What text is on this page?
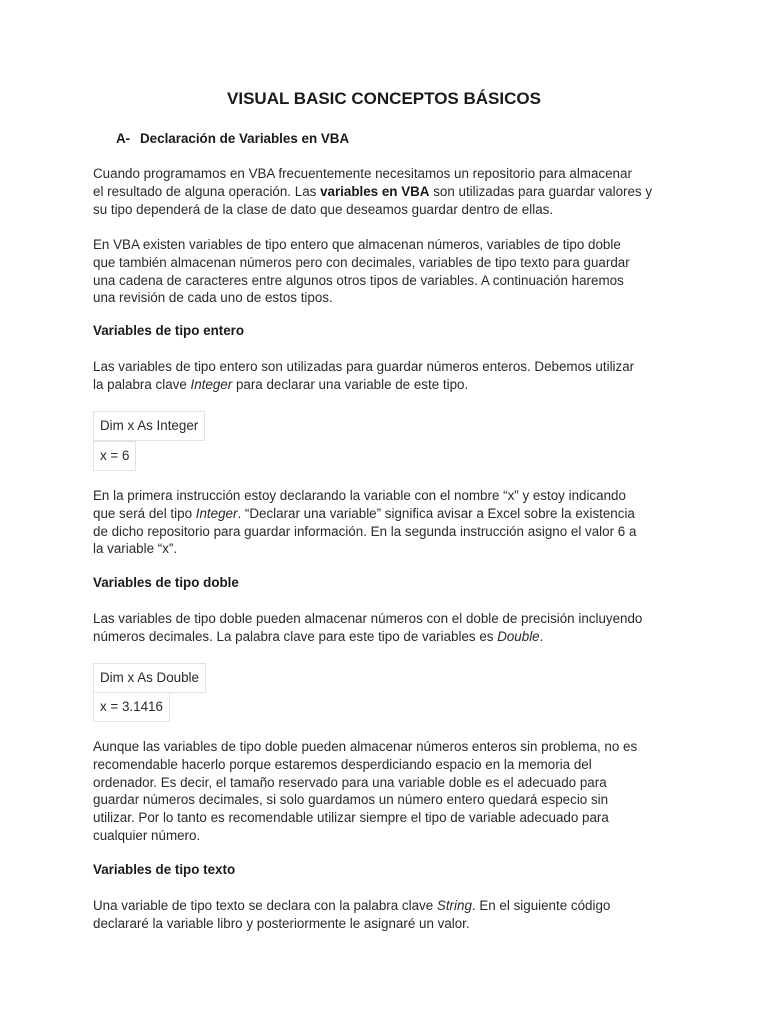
VISUAL BASIC CONCEPTOS BÁSICOS
A- Declaración de Variables en VBA

Cuando programamos en VBA frecuentemente necesitamos un repositorio para almacenar
el resultado de alguna operación. Las variables en VBA son utilizadas para guardar valores y
su tipo dependerá de la clase de dato que deseamos guardar dentro de ellas.

En VBA existen variables de tipo entero que almacenan números, variables de tipo doble
que también almacenan números pero con decimales, variables de tipo texto para guardar
una cadena de caracteres entre algunos otros tipos de variables. A continuación haremos
una revisión de cada uno de estos tipos.

Variables de tipo entero

Las variables de tipo entero son utilizadas para guardar números enteros. Debemos utilizar
la palabra clave Integer para declarar una variable de este tipo.

Dim x As Integer
x = 6

En la primera instrucción estoy declarando la variable con el nombre “x” y estoy indicando
que será del tipo Integer. “Declarar una variable” significa avisar a Excel sobre la existencia
de dicho repositorio para guardar información. En la segunda instrucción asigno el valor 6 a
la variable “x”.

Variables de tipo doble

Las variables de tipo doble pueden almacenar números con el doble de precisión incluyendo
números decimales. La palabra clave para este tipo de variables es Double.

Dim x As Double
x = 3.1416

Aunque las variables de tipo doble pueden almacenar números enteros sin problema, no es
recomendable hacerlo porque estaremos desperdiciando espacio en la memoria del
ordenador. Es decir, el tamaño reservado para una variable doble es el adecuado para
guardar números decimales, si solo guardamos un número entero quedará especio sin
utilizar. Por lo tanto es recomendable utilizar siempre el tipo de variable adecuado para
cualquier número.

Variables de tipo texto

Una variable de tipo texto se declara con la palabra clave String. En el siguiente código
declararé la variable libro y posteriormente le asignaré un valor.
